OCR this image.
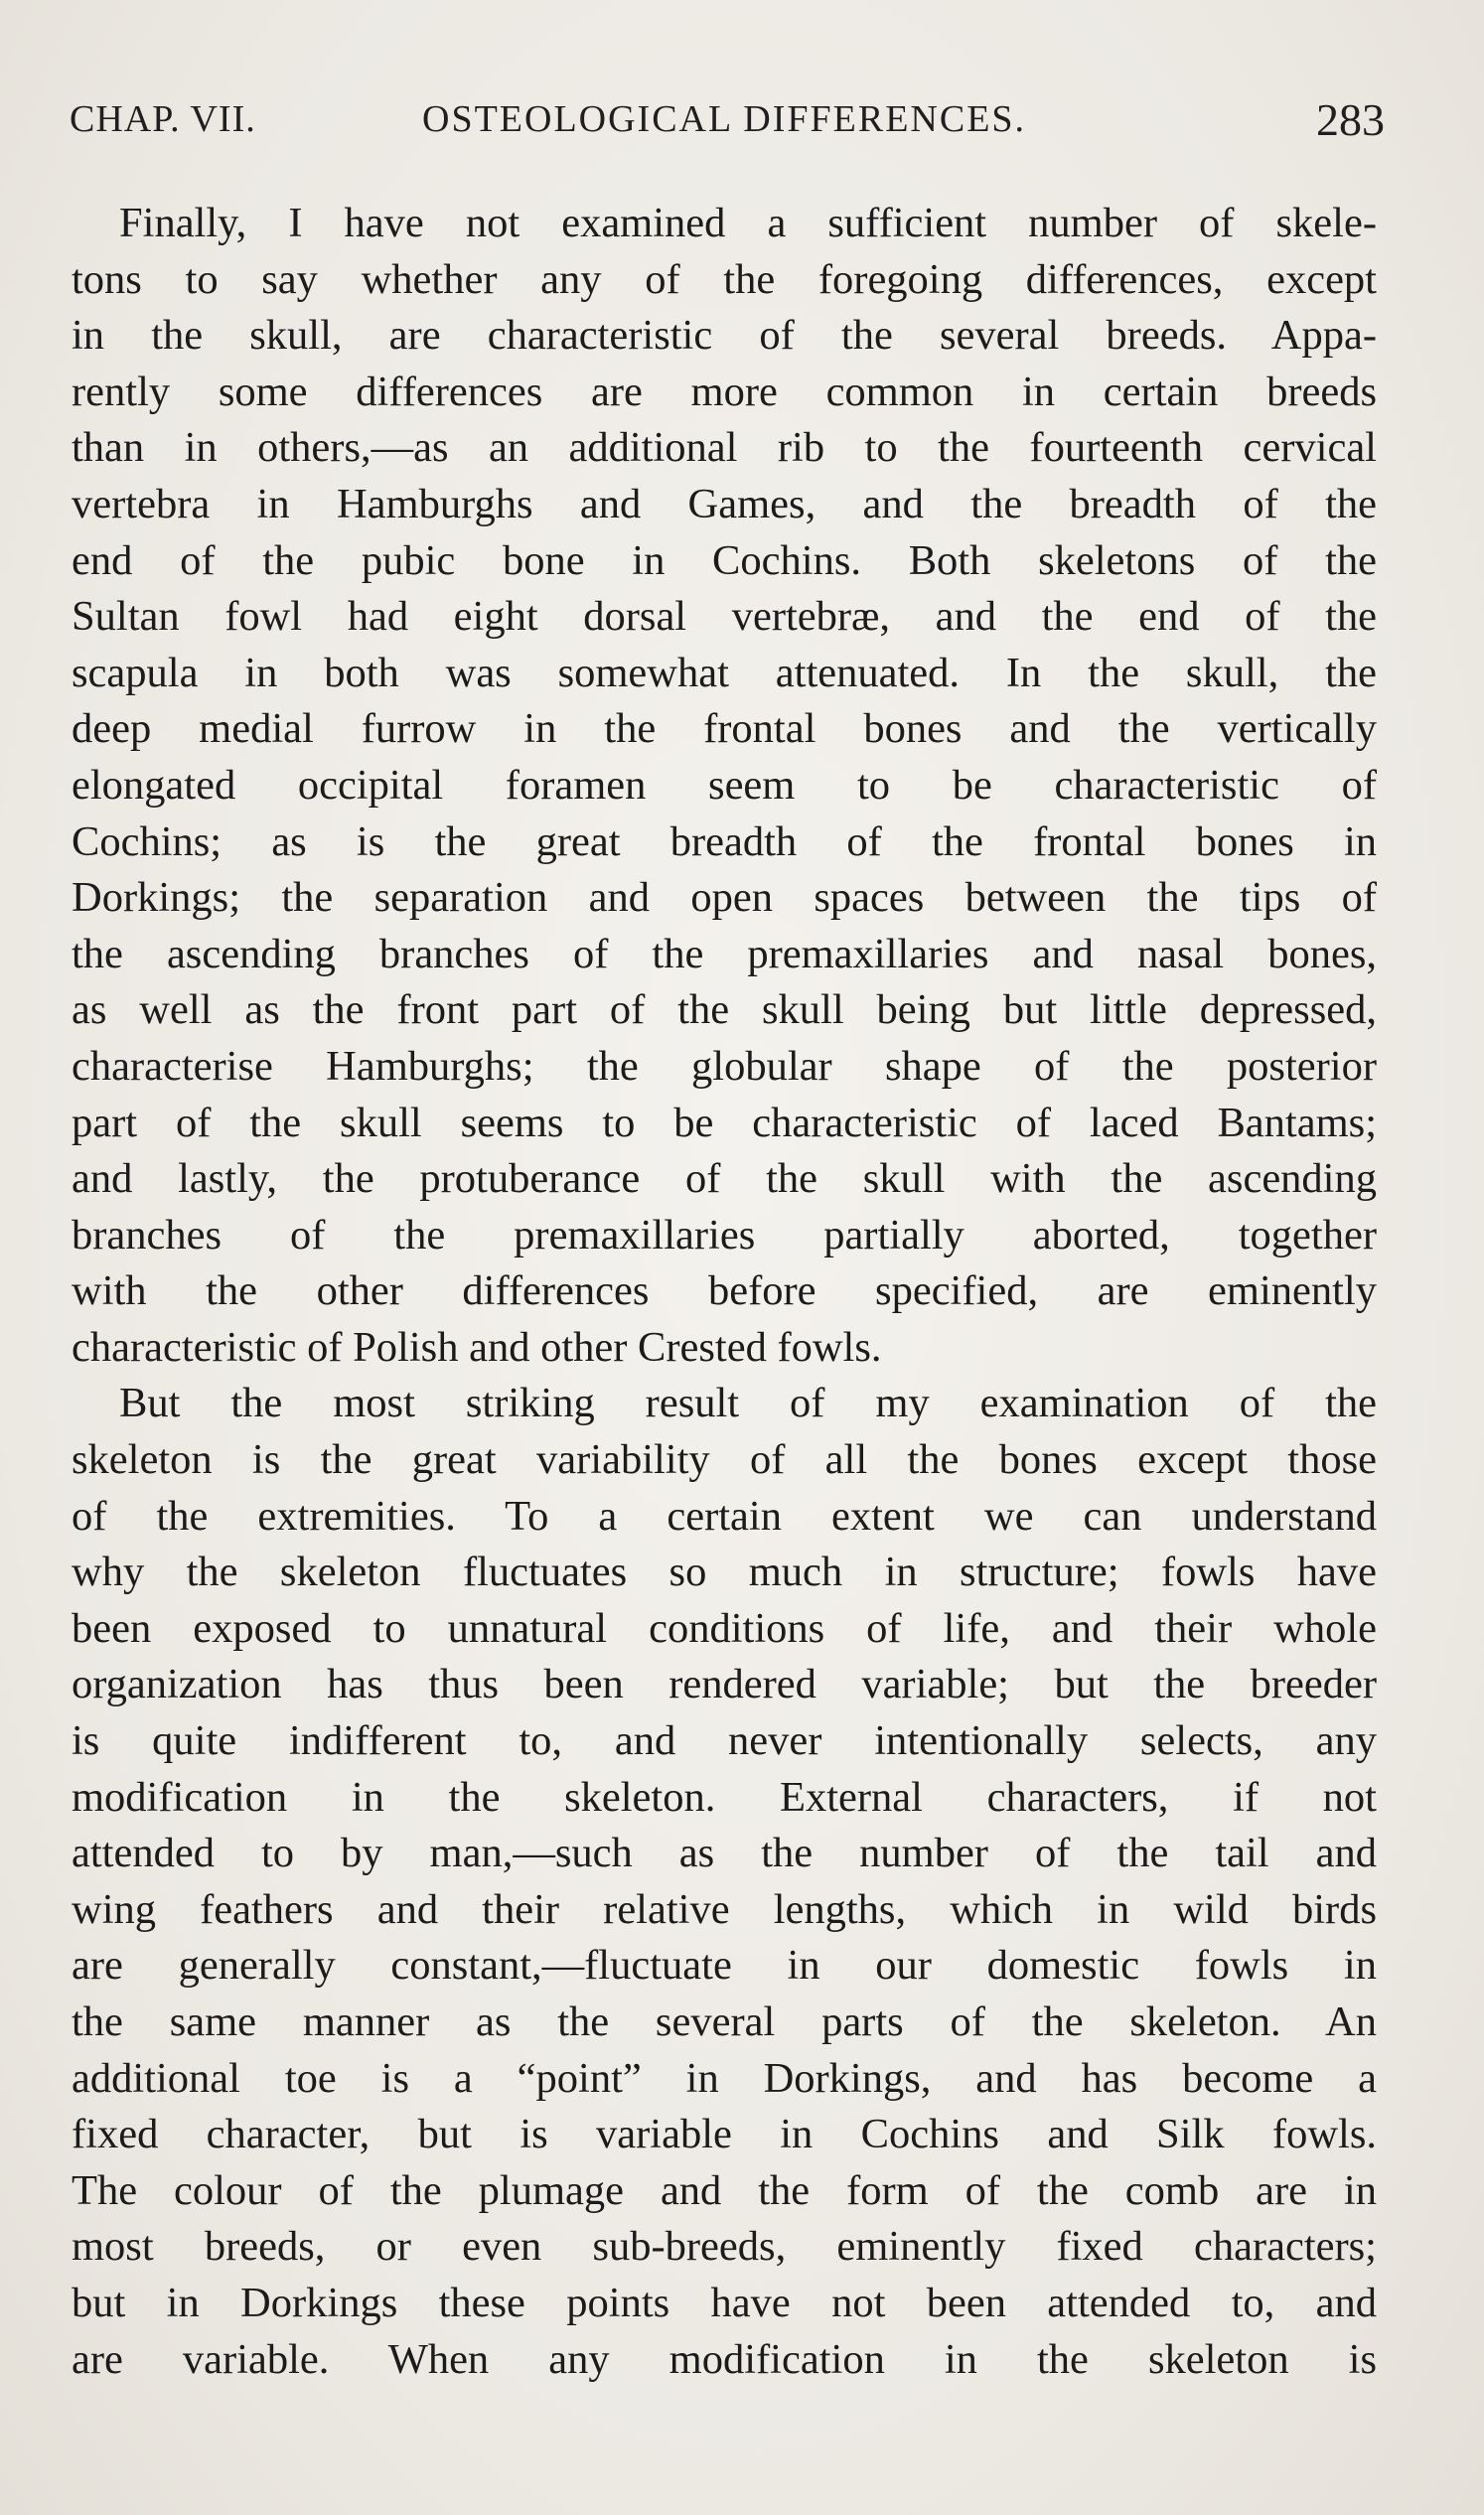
CHAP. VII.	OSTEOLOGICAL DIFFERENCES.	283
Finally, I have not examined a sufficient number of skele-
tons to say whether any of the foregoing differences, except
in the skull, are characteristic of the several breeds. Appa-
rently some differences are more common in certain breeds
than in others,—as an additional rib to the fourteenth cervical
vertebra in Hamburghs and Games, and the breadth of the
end of the pubic bone in Cochins. Both skeletons of the
Sultan fowl had eight dorsal vertebræ, and the end of the
scapula in both was somewhat attenuated. In the skull, the
deep medial furrow in the frontal bones and the vertically
elongated occipital foramen seem to be characteristic of
Cochins; as is the great breadth of the frontal bones in
Dorkings; the separation and open spaces between the tips of
the ascending branches of the premaxillaries and nasal bones,
as well as the front part of the skull being but little depressed,
characterise Hamburghs; the globular shape of the posterior
part of the skull seems to be characteristic of laced Bantams;
and lastly, the protuberance of the skull with the ascending
branches of the premaxillaries partially aborted, together
with the other differences before specified, are eminently
characteristic of Polish and other Crested fowls.
But the most striking result of my examination of the
skeleton is the great variability of all the bones except those
of the extremities. To a certain extent we can understand
why the skeleton fluctuates so much in structure; fowls have
been exposed to unnatural conditions of life, and their whole
organization has thus been rendered variable; but the breeder
is quite indifferent to, and never intentionally selects, any
modification in the skeleton. External characters, if not
attended to by man,—such as the number of the tail and
wing feathers and their relative lengths, which in wild birds
are generally constant,—fluctuate in our domestic fowls in
the same manner as the several parts of the skeleton. An
additional toe is a “point” in Dorkings, and has become a
fixed character, but is variable in Cochins and Silk fowls.
The colour of the plumage and the form of the comb are in
most breeds, or even sub-breeds, eminently fixed characters;
but in Dorkings these points have not been attended to, and
are variable. When any modification in the skeleton is
